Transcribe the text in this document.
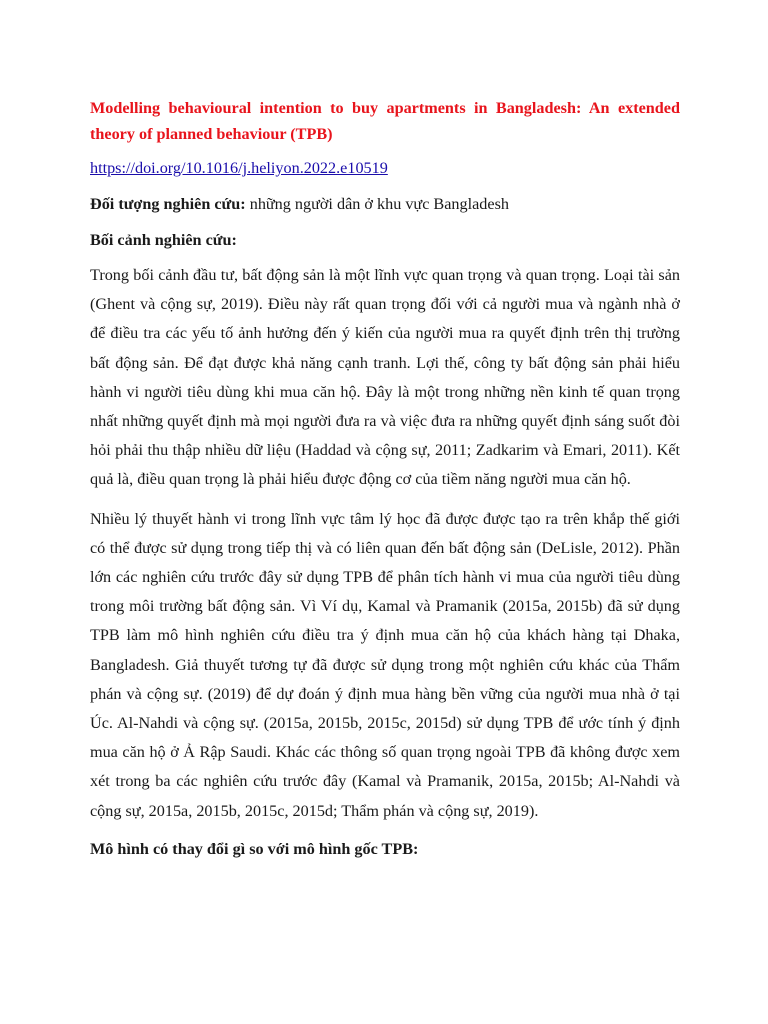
Modelling behavioural intention to buy apartments in Bangladesh: An extended theory of planned behaviour (TPB)
https://doi.org/10.1016/j.heliyon.2022.e10519
Đối tượng nghiên cứu: những người dân ở khu vực Bangladesh
Bối cảnh nghiên cứu:

Trong bối cảnh đầu tư, bất động sản là một lĩnh vực quan trọng và quan trọng. Loại tài sản (Ghent và cộng sự, 2019). Điều này rất quan trọng đối với cả người mua và ngành nhà ở để điều tra các yếu tố ảnh hưởng đến ý kiến của người mua ra quyết định trên thị trường bất động sản. Để đạt được khả năng cạnh tranh. Lợi thế, công ty bất động sản phải hiểu hành vi người tiêu dùng khi mua căn hộ. Đây là một trong những nền kinh tế quan trọng nhất những quyết định mà mọi người đưa ra và việc đưa ra những quyết định sáng suốt đòi hỏi phải thu thập nhiều dữ liệu (Haddad và cộng sự, 2011; Zadkarim và Emari, 2011). Kết quả là, điều quan trọng là phải hiểu được động cơ của tiềm năng người mua căn hộ.

Nhiều lý thuyết hành vi trong lĩnh vực tâm lý học đã được được tạo ra trên khắp thế giới có thể được sử dụng trong tiếp thị và có liên quan đến bất động sản (DeLisle, 2012). Phần lớn các nghiên cứu trước đây sử dụng TPB để phân tích hành vi mua của người tiêu dùng trong môi trường bất động sản. Vì Ví dụ, Kamal và Pramanik (2015a, 2015b) đã sử dụng TPB làm mô hình nghiên cứu điều tra ý định mua căn hộ của khách hàng tại Dhaka, Bangladesh. Giả thuyết tương tự đã được sử dụng trong một nghiên cứu khác của Thẩm phán và cộng sự. (2019) để dự đoán ý định mua hàng bền vững của người mua nhà ở tại Úc. Al-Nahdi và cộng sự. (2015a, 2015b, 2015c, 2015d) sử dụng TPB để ước tính ý định mua căn hộ ở Ả Rập Saudi. Khác các thông số quan trọng ngoài TPB đã không được xem xét trong ba các nghiên cứu trước đây (Kamal và Pramanik, 2015a, 2015b; Al-Nahdi và cộng sự, 2015a, 2015b, 2015c, 2015d; Thẩm phán và cộng sự, 2019).

Mô hình có thay đổi gì so với mô hình gốc TPB:
